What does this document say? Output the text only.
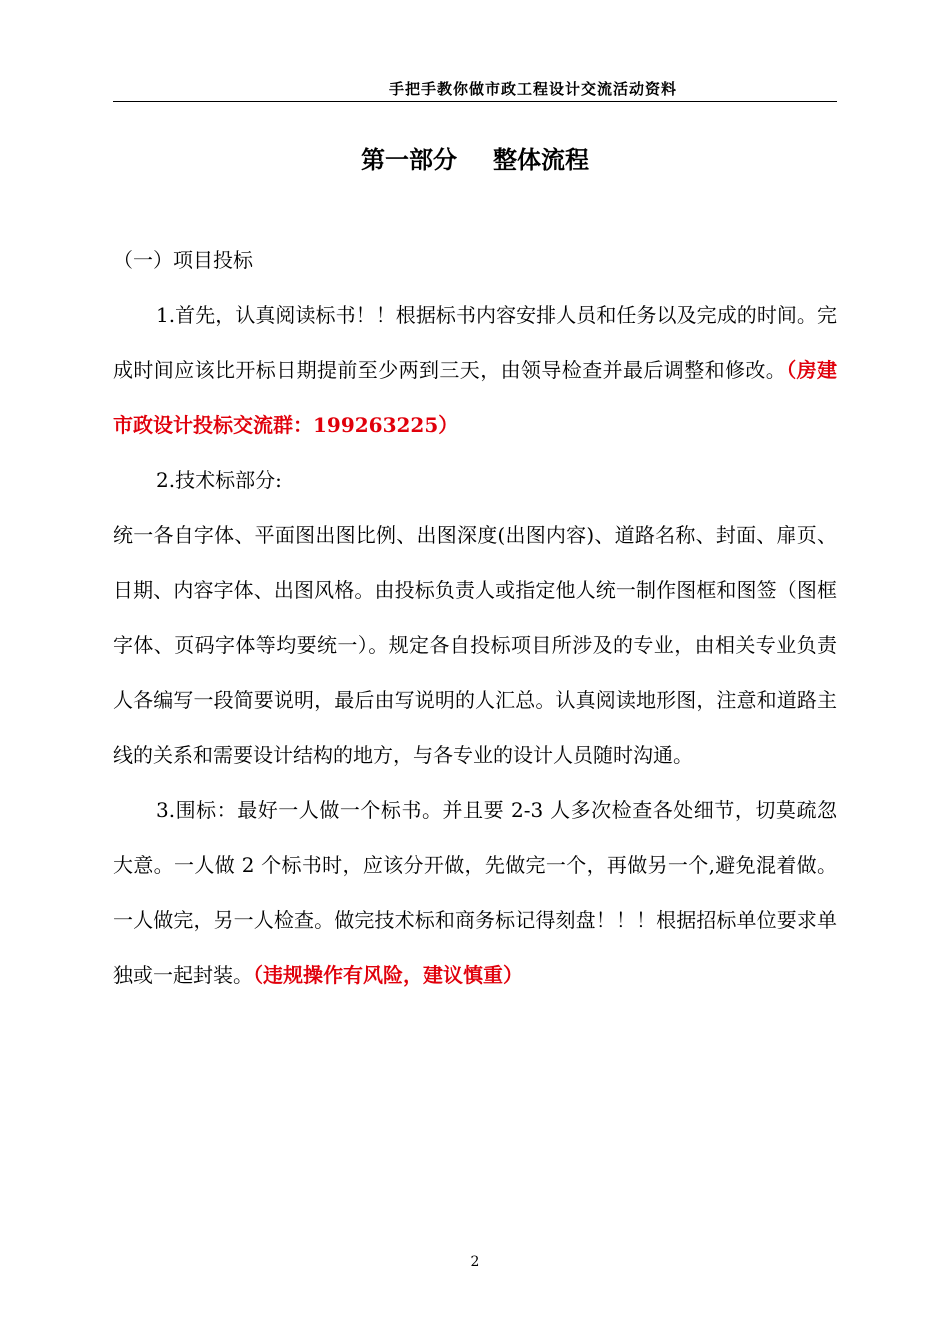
手把手教你做市政工程设计交流活动资料
第一部分 整体流程

（一）项目投标

1.首先，认真阅读标书！！根据标书内容安排人员和任务以及完成的时间。完成时间应该比开标日期提前至少两到三天，由领导检查并最后调整和修改。（房建市政设计投标交流群：199263225）

2.技术标部分:

统一各自字体、平面图出图比例、出图深度(出图内容)、道路名称、封面、扉页、日期、内容字体、出图风格。由投标负责人或指定他人统一制作图框和图签（图框字体、页码字体等均要统一）。规定各自投标项目所涉及的专业，由相关专业负责人各编写一段简要说明，最后由写说明的人汇总。认真阅读地形图，注意和道路主线的关系和需要设计结构的地方，与各专业的设计人员随时沟通。

3.围标：最好一人做一个标书。并且要 2-3 人多次检查各处细节，切莫疏忽大意。一人做 2 个标书时，应该分开做，先做完一个，再做另一个,避免混着做。一人做完，另一人检查。做完技术标和商务标记得刻盘！！！根据招标单位要求单独或一起封装。（违规操作有风险，建议慎重）

2
